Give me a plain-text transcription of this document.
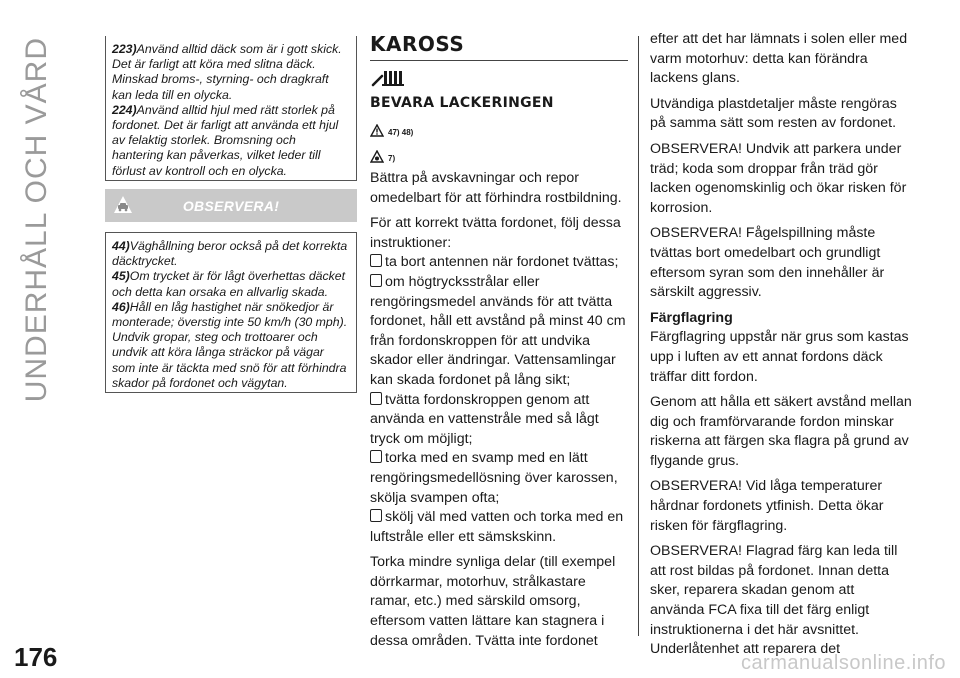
UNDERHÅLL OCH VÅRD	223)Använd alltid däck som är i gott skick. Det är farligt att köra med slitna däck. Minskad broms-, styrning- och dragkraft kan leda till en olycka.
224)Använd alltid hjul med rätt storlek på fordonet. Det är farligt att använda ett hjul av felaktig storlek. Bromsning och hantering kan påverkas, vilket leder till förlust av kontroll och en olycka.
OBSERVERA!
44)Väghållning beror också på det korrekta däcktrycket.
45)Om trycket är för lågt överhettas däcket och detta kan orsaka en allvarlig skada.
46)Håll en låg hastighet när snökedjor är monterade; överstig inte 50 km/h (30 mph). Undvik gropar, steg och trottoarer och undvik att köra långa sträckor på vägar som inte är täckta med snö för att förhindra skador på fordonet och vägytan.
KAROSS
BEVARA LACKERINGEN
47) 48)
7)

Bättra på avskavningar och repor omedelbart för att förhindra rostbildning.

För att korrekt tvätta fordonet, följ dessa instruktioner:

ta bort antennen när fordonet tvättas;
om högtrycksstrålar eller rengöringsmedel används för att tvätta fordonet, håll ett avstånd på minst 40 cm från fordonskroppen för att undvika skador eller ändringar. Vattensamlingar kan skada fordonet på lång sikt;
tvätta fordonskroppen genom att använda en vattenstråle med så lågt tryck om möjligt;
torka med en svamp med en lätt rengöringsmedellösning över karossen, skölja svampen ofta;
skölj väl med vatten och torka med en luftstråle eller ett sämskskinn.

Torka mindre synliga delar (till exempel dörrkarmar, motorhuv, strålkastare ramar, etc.) med särskild omsorg, eftersom vatten lättare kan stagnera i dessa områden. Tvätta inte fordonet

efter att det har lämnats i solen eller med varm motorhuv: detta kan förändra lackens glans.

Utvändiga plastdetaljer måste rengöras på samma sätt som resten av fordonet.

OBSERVERA! Undvik att parkera under träd; koda som droppar från träd gör lacken ogenomskinlig och ökar risken för korrosion.

OBSERVERA! Fågelspillning måste tvättas bort omedelbart och grundligt eftersom syran som den innehåller är särskilt aggressiv.

Färgflagring

Färgflagring uppstår när grus som kastas upp i luften av ett annat fordons däck träffar ditt fordon.

Genom att hålla ett säkert avstånd mellan dig och framförvarande fordon minskar riskerna att färgen ska flagra på grund av flygande grus.

OBSERVERA! Vid låga temperaturer hårdnar fordonets ytfinish. Detta ökar risken för färgflagring.

OBSERVERA! Flagrad färg kan leda till att rost bildas på fordonet. Innan detta sker, reparera skadan genom att använda FCA fixa till det färg enligt instruktionerna i det här avsnittet. Underlåtenhet att reparera det

176	carmanualsonline.info
